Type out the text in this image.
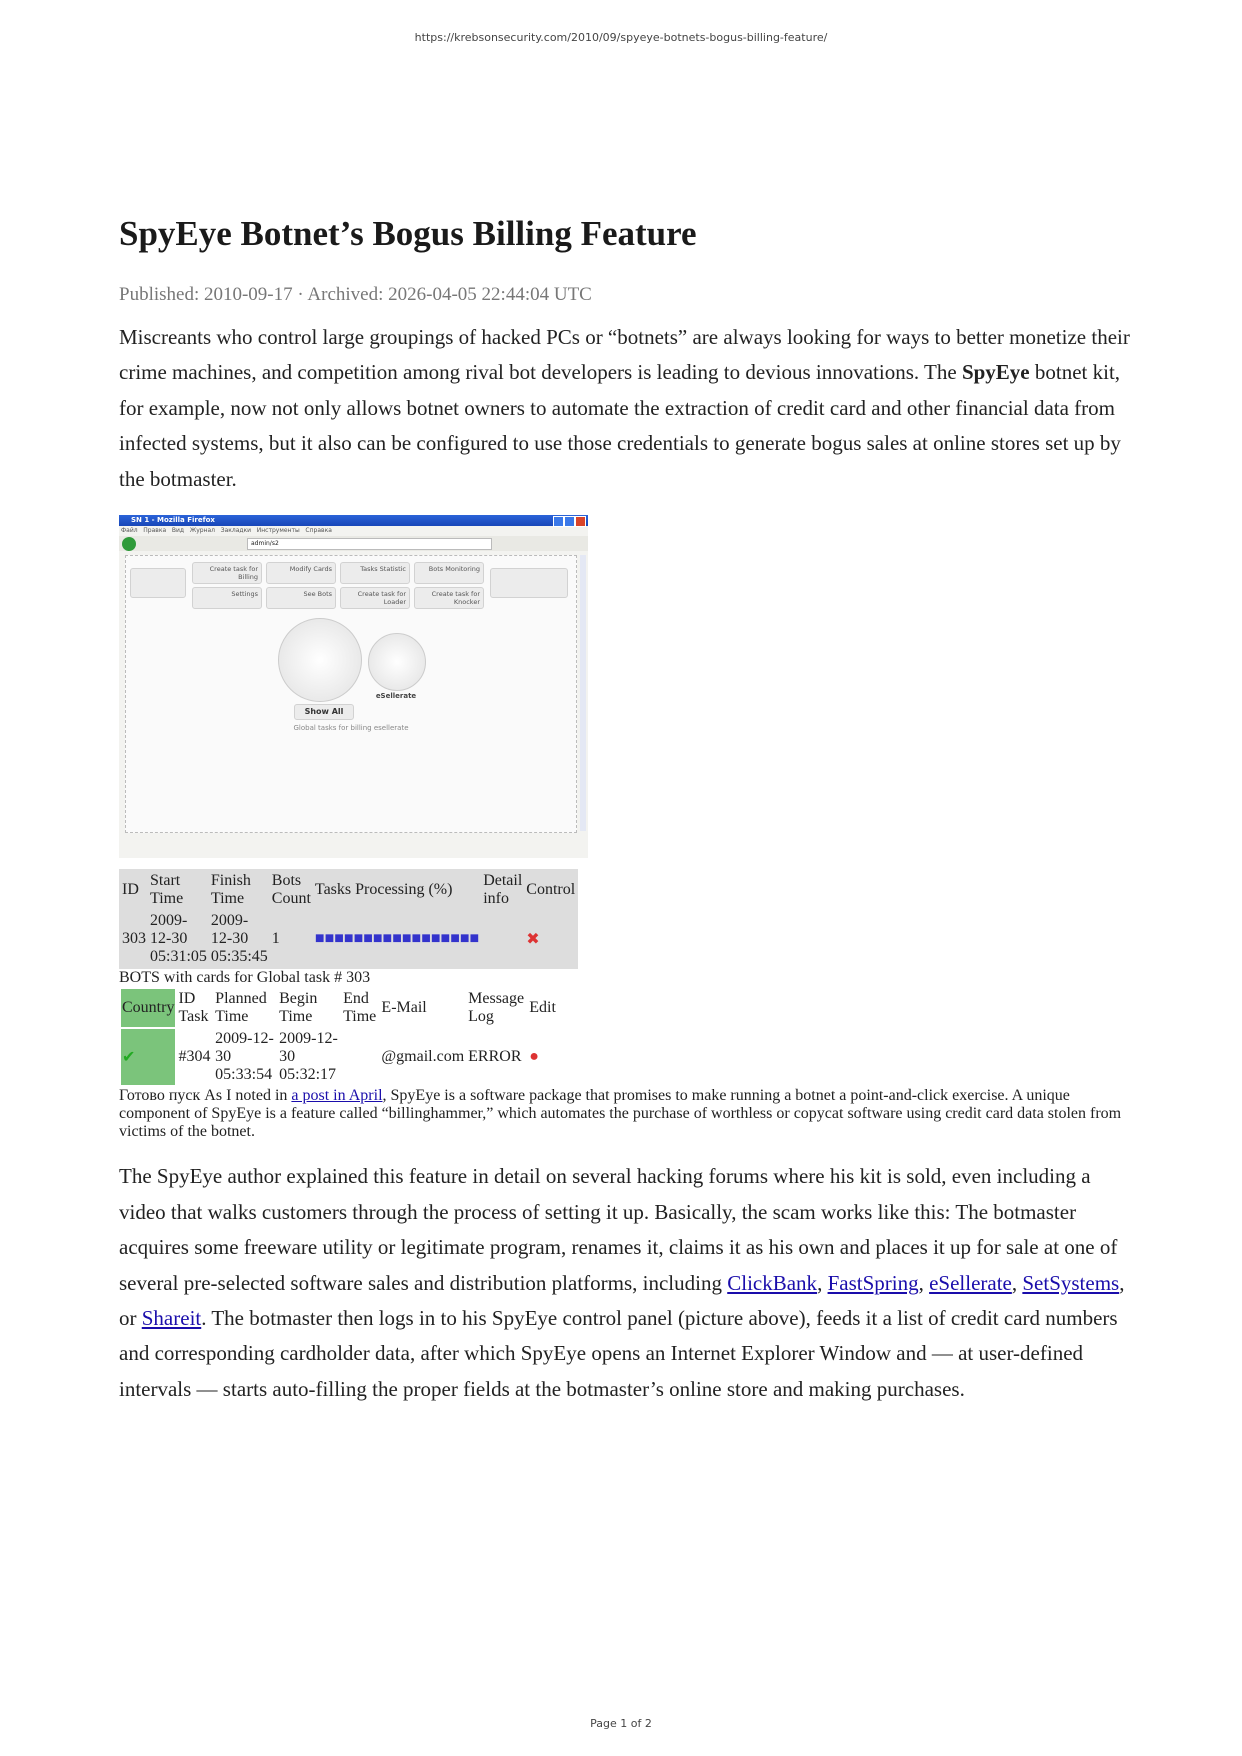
https://krebsonsecurity.com/2010/09/spyeye-botnets-bogus-billing-feature/
SpyEye Botnet’s Bogus Billing Feature
Published: 2010-09-17 · Archived: 2026-04-05 22:44:04 UTC

Miscreants who control large groupings of hacked PCs or “botnets” are always looking for ways to better monetize their crime machines, and competition among rival bot developers is leading to devious innovations. The SpyEye botnet kit, for example, now not only allows botnet owners to automate the extraction of credit card and other financial data from infected systems, but it also can be configured to use those credentials to generate bogus sales at online stores set up by the botmaster.

SN 1 - Mozilla Firefox
Файл   Правка   Вид   Журнал   Закладки   Инструменты   Справка
admin/s2
Create task for Billing
Modify Cards	Tasks Statistic	Bots Monitoring
Settings	See Bots	Create task for Loader
Create task for Knocker
eSellerate
Show All
Global tasks for billing esellerate

ID	Start Time	Finish Time	Bots Count	Tasks Processing (%)	Detail info	Control
303	2009-12-30 05:31:05	2009-12-30 05:35:45	1	■■■■■■■■■■■■■■■■■		✖
BOTS with cards for Global task # 303
Country	ID Task	Planned Time	Begin Time	End Time	E-Mail	Message Log	Edit
✔	#304	2009-12-30 05:33:54	2009-12-30 05:32:17		@gmail.com	ERROR	●
Готово пуск As I noted in a post in April, SpyEye is a software package that promises to make running a botnet a point-and-click exercise. A unique component of SpyEye is a feature called “billinghammer,” which automates the purchase of worthless or copycat software using credit card data stolen from victims of the botnet.

The SpyEye author explained this feature in detail on several hacking forums where his kit is sold, even including a video that walks customers through the process of setting it up. Basically, the scam works like this: The botmaster acquires some freeware utility or legitimate program, renames it, claims it as his own and places it up for sale at one of several pre-selected software sales and distribution platforms, including ClickBank, FastSpring, eSellerate, SetSystems, or Shareit. The botmaster then logs in to his SpyEye control panel (picture above), feeds it a list of credit card numbers and corresponding cardholder data, after which SpyEye opens an Internet Explorer Window and — at user-defined intervals — starts auto-filling the proper fields at the botmaster’s online store and making purchases.

Page 1 of 2
